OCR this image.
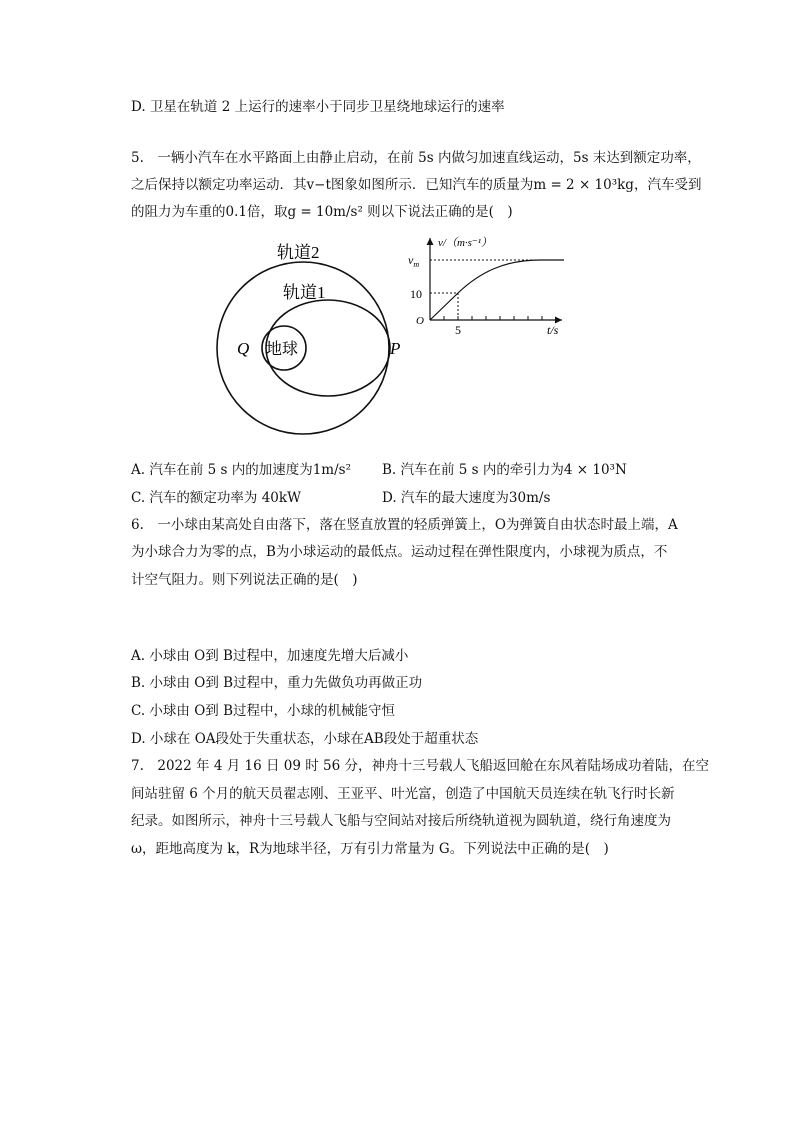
D. 卫星在轨道 2 上运行的速率小于同步卫星绕地球运行的速率
5.　一辆小汽车在水平路面上由静止启动，在前 5s 内做匀加速直线运动，5s 末达到额定功率，
之后保持以额定功率运动．其v−t图象如图所示．已知汽车的质量为m = 2 × 10³kg，汽车受到
的阻力为车重的0.1倍，取g = 10m/s² 则以下说法正确的是(　)
轨道2
轨道1
地球
Q	P
v/（m·s⁻¹）
$v_m$
10
O
5	t/s
A. 汽车在前 5 s 内的加速度为1m/s² B. 汽车在前 5 s 内的牵引力为4 × 10³N
C. 汽车的额定功率为 40kW	D. 汽车的最大速度为30m/s
6.　一小球由某高处自由落下，落在竖直放置的轻质弹簧上，O为弹簧自由状态时最上端，A
为小球合力为零的点，B为小球运动的最低点。运动过程在弹性限度内，小球视为质点，不
计空气阻力。则下列说法正确的是(　)
A. 小球由 O到 B过程中，加速度先增大后减小
B. 小球由 O到 B过程中，重力先做负功再做正功
C. 小球由 O到 B过程中，小球的机械能守恒
D. 小球在 OA段处于失重状态，小球在AB段处于超重状态
7.　2022 年 4 月 16 日 09 时 56 分，神舟十三号载人飞船返回舱在东风着陆场成功着陆，在空
间站驻留 6 个月的航天员翟志刚、王亚平、叶光富，创造了中国航天员连续在轨飞行时长新
纪录。如图所示，神舟十三号载人飞船与空间站对接后所绕轨道视为圆轨道，绕行角速度为
ω，距地高度为 k，R为地球半径，万有引力常量为 G。下列说法中正确的是(　)
